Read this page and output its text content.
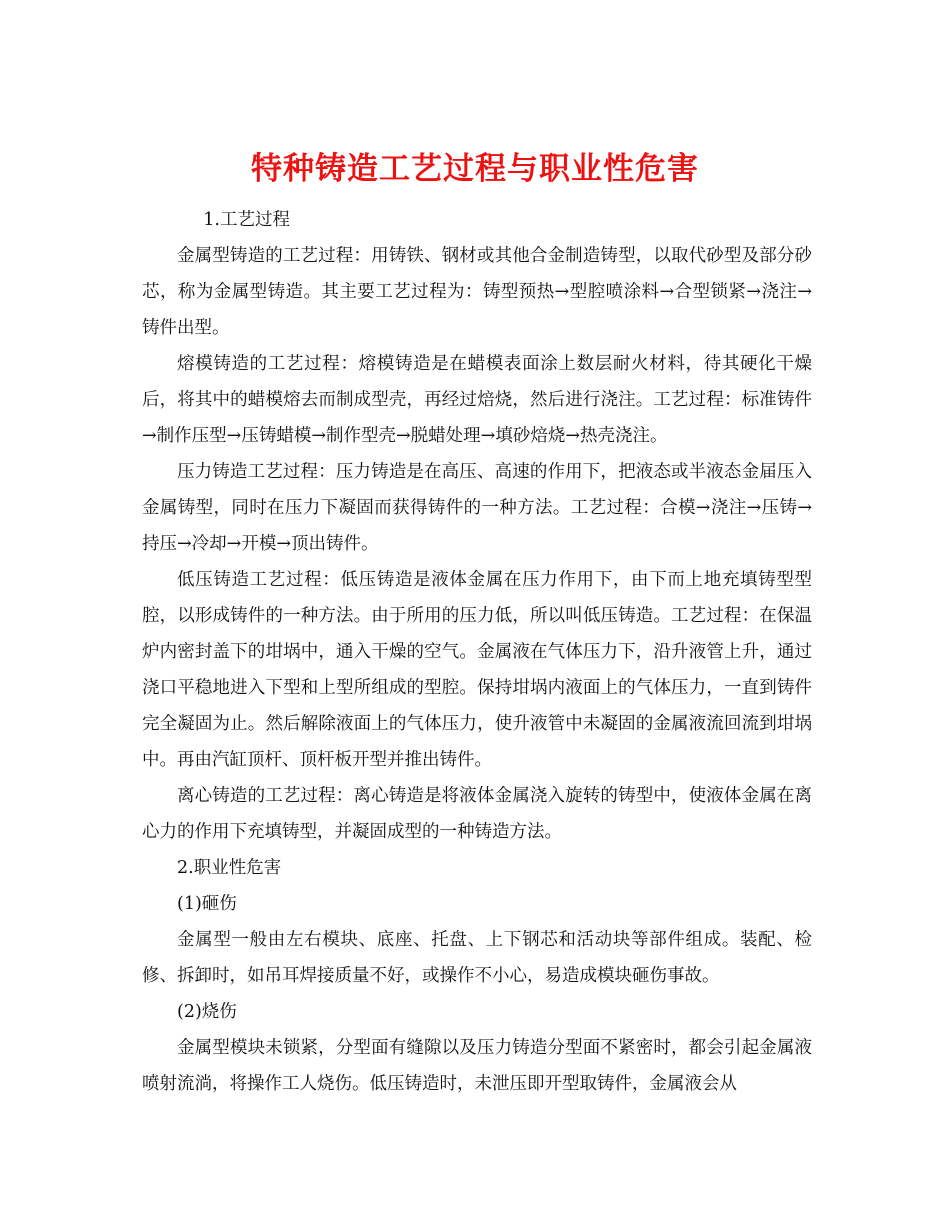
特种铸造工艺过程与职业性危害

1.工艺过程

金属型铸造的工艺过程：用铸铁、钢材或其他合金制造铸型，以取代砂型及部分砂芯，称为金属型铸造。其主要工艺过程为：铸型预热→型腔喷涂料→合型锁紧→浇注→铸件出型。

熔模铸造的工艺过程：熔模铸造是在蜡模表面涂上数层耐火材料，待其硬化干燥后，将其中的蜡模熔去而制成型壳，再经过焙烧，然后进行浇注。工艺过程：标准铸件→制作压型→压铸蜡模→制作型壳→脱蜡处理→填砂焙烧→热壳浇注。

压力铸造工艺过程：压力铸造是在高压、高速的作用下，把液态或半液态金届压入金属铸型，同时在压力下凝固而获得铸件的一种方法。工艺过程：合模→浇注→压铸→持压→冷却→开模→顶出铸件。

低压铸造工艺过程：低压铸造是液体金属在压力作用下，由下而上地充填铸型型腔，以形成铸件的一种方法。由于所用的压力低，所以叫低压铸造。工艺过程：在保温炉内密封盖下的坩埚中，通入干燥的空气。金属液在气体压力下，沿升液管上升，通过浇口平稳地进入下型和上型所组成的型腔。保持坩埚内液面上的气体压力，一直到铸件完全凝固为止。然后解除液面上的气体压力，使升液管中未凝固的金属液流回流到坩埚中。再由汽缸顶杆、顶杆板开型并推出铸件。

离心铸造的工艺过程：离心铸造是将液体金属浇入旋转的铸型中，使液体金属在离心力的作用下充填铸型，并凝固成型的一种铸造方法。

2.职业性危害

(1)砸伤

金属型一般由左右模块、底座、托盘、上下钢芯和活动块等部件组成。装配、检修、拆卸时，如吊耳焊接质量不好，或操作不小心，易造成模块砸伤事故。

(2)烧伤

金属型模块未锁紧，分型面有缝隙以及压力铸造分型面不紧密时，都会引起金属液喷射流淌，将操作工人烧伤。低压铸造时，未泄压即开型取铸件，金属液会从
